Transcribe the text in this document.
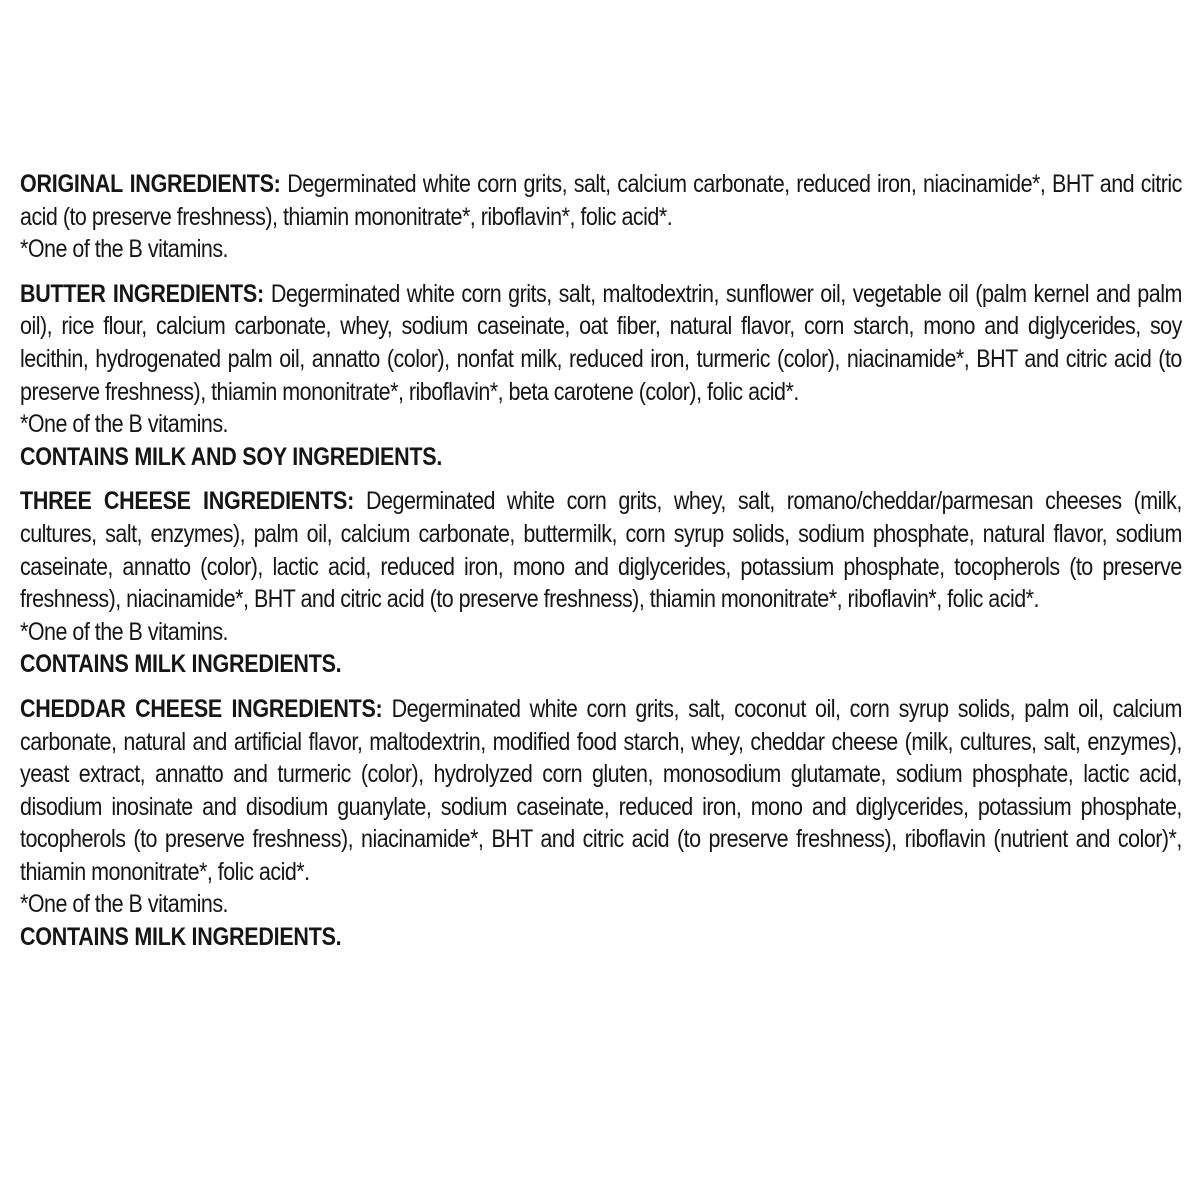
ORIGINAL INGREDIENTS: Degerminated white corn grits, salt, calcium carbonate, reduced iron, niacinamide*, BHT and citric acid (to preserve freshness), thiamin mononitrate*, riboflavin*, folic acid*.

*One of the B vitamins.

BUTTER INGREDIENTS: Degerminated white corn grits, salt, maltodextrin, sunflower oil, vegetable oil (palm kernel and palm oil), rice flour, calcium carbonate, whey, sodium caseinate, oat fiber, natural flavor, corn starch, mono and diglycerides, soy lecithin, hydrogenated palm oil, annatto (color), nonfat milk, reduced iron, turmeric (color), niacinamide*, BHT and citric acid (to preserve freshness), thiamin mononitrate*, riboflavin*, beta carotene (color), folic acid*.

*One of the B vitamins.
CONTAINS MILK AND SOY INGREDIENTS.

THREE CHEESE INGREDIENTS: Degerminated white corn grits, whey, salt, romano/cheddar/parmesan cheeses (milk, cultures, salt, enzymes), palm oil, calcium carbonate, buttermilk, corn syrup solids, sodium phosphate, natural flavor, sodium caseinate, annatto (color), lactic acid, reduced iron, mono and diglycerides, potassium phosphate, tocopherols (to preserve freshness), niacinamide*, BHT and citric acid (to preserve freshness), thiamin mononitrate*, riboflavin*, folic acid*.

*One of the B vitamins.
CONTAINS MILK INGREDIENTS.

CHEDDAR CHEESE INGREDIENTS: Degerminated white corn grits, salt, coconut oil, corn syrup solids, palm oil, calcium carbonate, natural and artificial flavor, maltodextrin, modified food starch, whey, cheddar cheese (milk, cultures, salt, enzymes), yeast extract, annatto and turmeric (color), hydrolyzed corn gluten, monosodium glutamate, sodium phosphate, lactic acid, disodium inosinate and disodium guanylate, sodium caseinate, reduced iron, mono and diglycerides, potassium phosphate, tocopherols (to preserve freshness), niacinamide*, BHT and citric acid (to preserve freshness), riboflavin (nutrient and color)*, thiamin mononitrate*, folic acid*.

*One of the B vitamins.
CONTAINS MILK INGREDIENTS.
